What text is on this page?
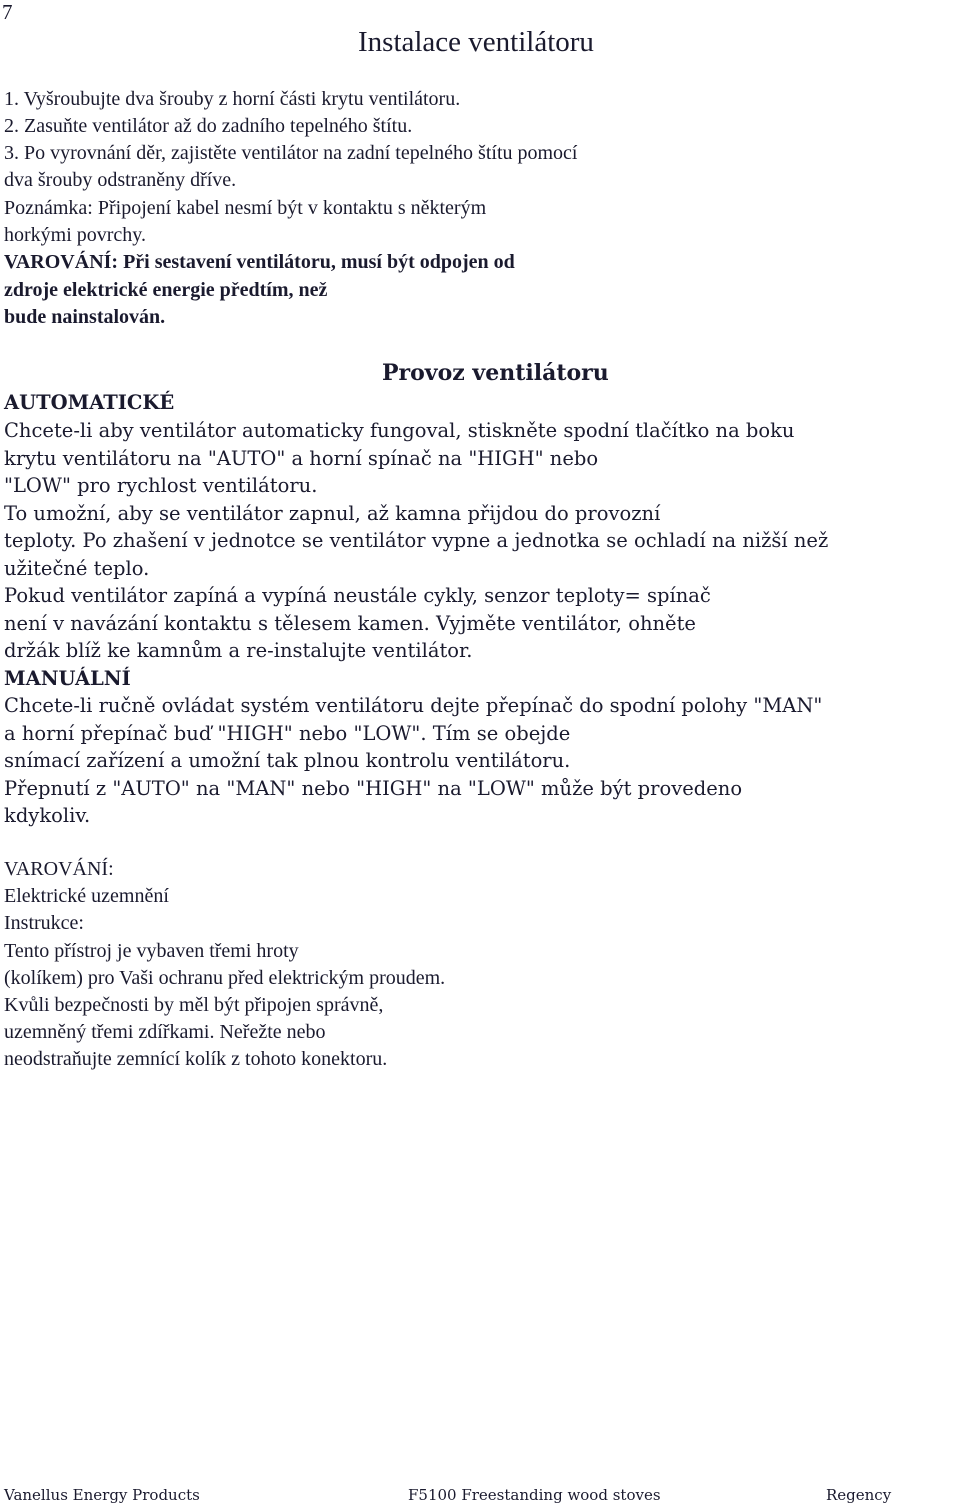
7
Instalace ventilátoru

1. Vyšroubujte dva šrouby z horní části krytu ventilátoru.

2. Zasuňte ventilátor až do zadního tepelného štítu.

3. Po vyrovnání děr, zajistěte ventilátor na zadní tepelného štítu pomocí

dva šrouby odstraněny dříve.

Poznámka: Připojení kabel nesmí být v kontaktu s některým

horkými povrchy.

VAROVÁNÍ: Při sestavení ventilátoru, musí být odpojen od

zdroje elektrické energie předtím, než

bude nainstalován.

Provoz ventilátoru

AUTOMATICKÉ

Chcete-li aby ventilátor automaticky fungoval, stiskněte spodní tlačítko na boku

krytu ventilátoru na "AUTO" a horní spínač na "HIGH" nebo

"LOW" pro rychlost ventilátoru.

To umožní, aby se ventilátor zapnul, až kamna přijdou do provozní

teploty. Po zhašení v jednotce se ventilátor vypne a jednotka se ochladí na nižší než

užitečné teplo.

Pokud ventilátor zapíná a vypíná neustále cykly, senzor teploty= spínač

není v navázání kontaktu s tělesem kamen. Vyjměte ventilátor, ohněte

držák blíž ke kamnům a re-instalujte ventilátor.

MANUÁLNÍ

Chcete-li ručně ovládat systém ventilátoru dejte přepínač do spodní polohy "MAN"

a horní přepínač buď "HIGH" nebo "LOW". Tím se obejde

snímací zařízení a umožní tak plnou kontrolu ventilátoru.

Přepnutí z "AUTO" na "MAN" nebo "HIGH" na "LOW" může být provedeno

kdykoliv.

VAROVÁNÍ:

Elektrické uzemnění

Instrukce:

Tento přístroj je vybaven třemi hroty

(kolíkem) pro Vaši ochranu před elektrickým proudem.

Kvůli bezpečnosti by měl být připojen správně,

uzemněný třemi zdířkami. Neřežte nebo

neodstraňujte zemnící kolík z tohoto konektoru.

Vanellus Energy Products	F5100 Freestanding wood stoves	Regency
